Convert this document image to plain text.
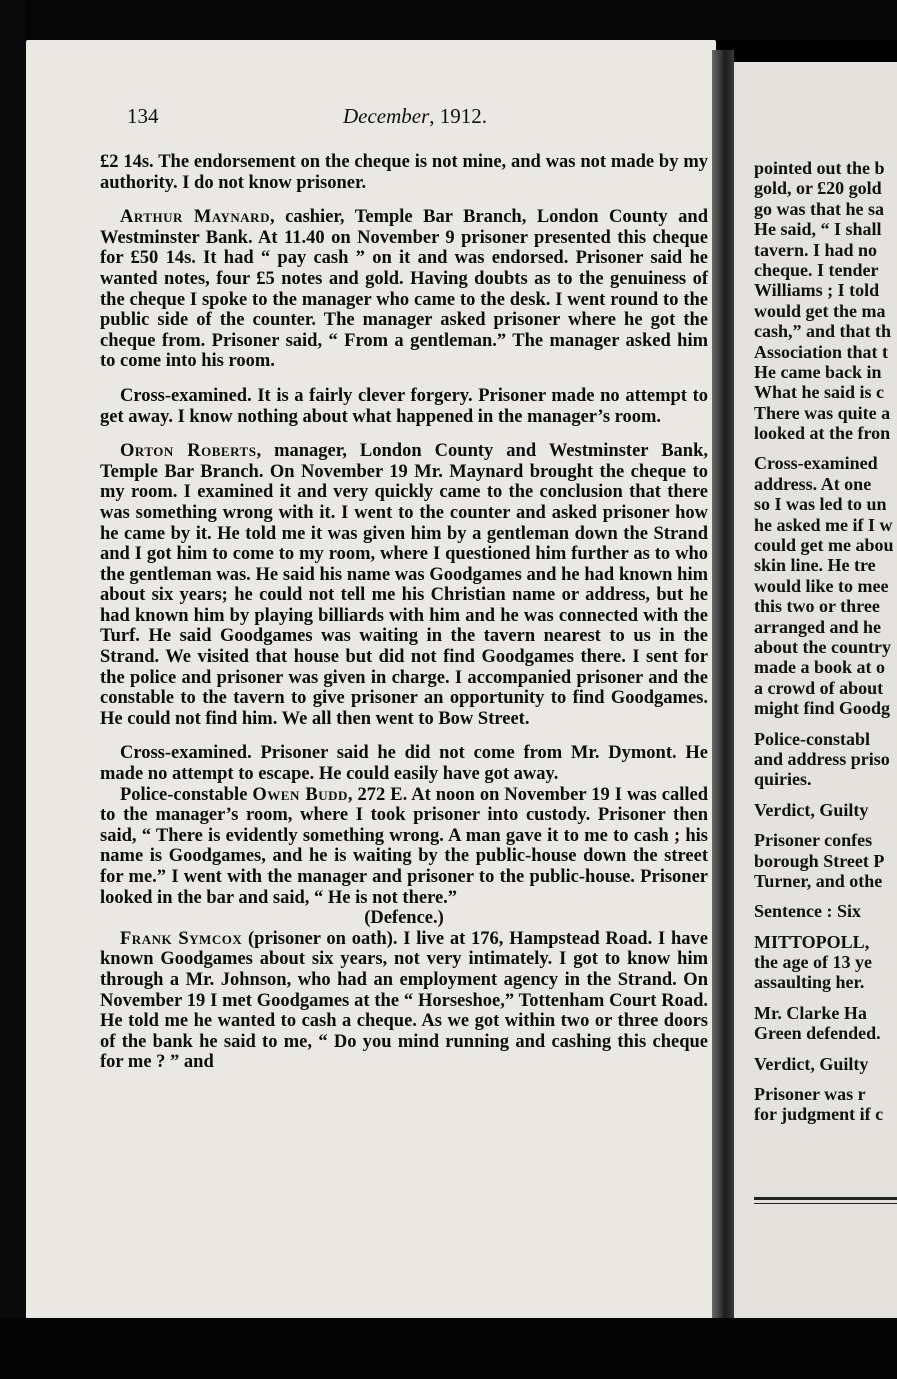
134	December, 1912.

£2 14s. The endorsement on the cheque is not mine, and was not made by my authority. I do not know prisoner.

Arthur Maynard, cashier, Temple Bar Branch, London County and Westminster Bank. At 11.40 on November 9 prisoner presented this cheque for £50 14s. It had “ pay cash ” on it and was endorsed. Prisoner said he wanted notes, four £5 notes and gold. Having doubts as to the genuiness of the cheque I spoke to the manager who came to the desk. I went round to the public side of the counter. The manager asked prisoner where he got the cheque from. Prisoner said, “ From a gentleman.” The manager asked him to come into his room.

Cross-examined. It is a fairly clever forgery. Prisoner made no attempt to get away. I know nothing about what happened in the manager’s room.

Orton Roberts, manager, London County and Westminster Bank, Temple Bar Branch. On November 19 Mr. Maynard brought the cheque to my room. I examined it and very quickly came to the conclusion that there was something wrong with it. I went to the counter and asked prisoner how he came by it. He told me it was given him by a gentleman down the Strand and I got him to come to my room, where I questioned him further as to who the gentleman was. He said his name was Goodgames and he had known him about six years; he could not tell me his Christian name or address, but he had known him by playing billiards with him and he was connected with the Turf. He said Goodgames was waiting in the tavern nearest to us in the Strand. We visited that house but did not find Goodgames there. I sent for the police and prisoner was given in charge. I accompanied prisoner and the constable to the tavern to give prisoner an opportunity to find Goodgames. He could not find him. We all then went to Bow Street.

Cross-examined. Prisoner said he did not come from Mr. Dymont. He made no attempt to escape. He could easily have got away.

Police-constable Owen Budd, 272 E. At noon on November 19 I was called to the manager’s room, where I took prisoner into custody. Prisoner then said, “ There is evidently something wrong. A man gave it to me to cash ; his name is Goodgames, and he is waiting by the public-house down the street for me.” I went with the manager and prisoner to the public-house. Prisoner looked in the bar and said, “ He is not there.”

(Defence.)

Frank Symcox (prisoner on oath). I live at 176, Hampstead Road. I have known Goodgames about six years, not very intimately. I got to know him through a Mr. Johnson, who had an employment agency in the Strand. On November 19 I met Goodgames at the “ Horseshoe,” Tottenham Court Road. He told me he wanted to cash a cheque. As we got within two or three doors of the bank he said to me, “ Do you mind running and cashing this cheque for me ? ” and

pointed out the b
gold, or £20 gold
go was that he sa
He said, “ I shall
tavern. I had no
cheque. I tender
Williams ; I told
would get the ma
cash,” and that th
Association that t
He came back in
What he said is c
There was quite a
looked at the fron
Cross-examined
address. At one
so I was led to un
he asked me if I w
could get me abou
skin line. He tre
would like to mee
this two or three
arranged and he
about the country
made a book at o
a crowd of about
might find Goodg
Police-constabl
and address priso
quiries.
Verdict, Guilty
Prisoner confes
borough Street P
Turner, and othe
Sentence : Six
MITTOPOLL,
the age of 13 ye
assaulting her.
Mr. Clarke Ha
Green defended.
Verdict, Guilty
Prisoner was r
for judgment if c
